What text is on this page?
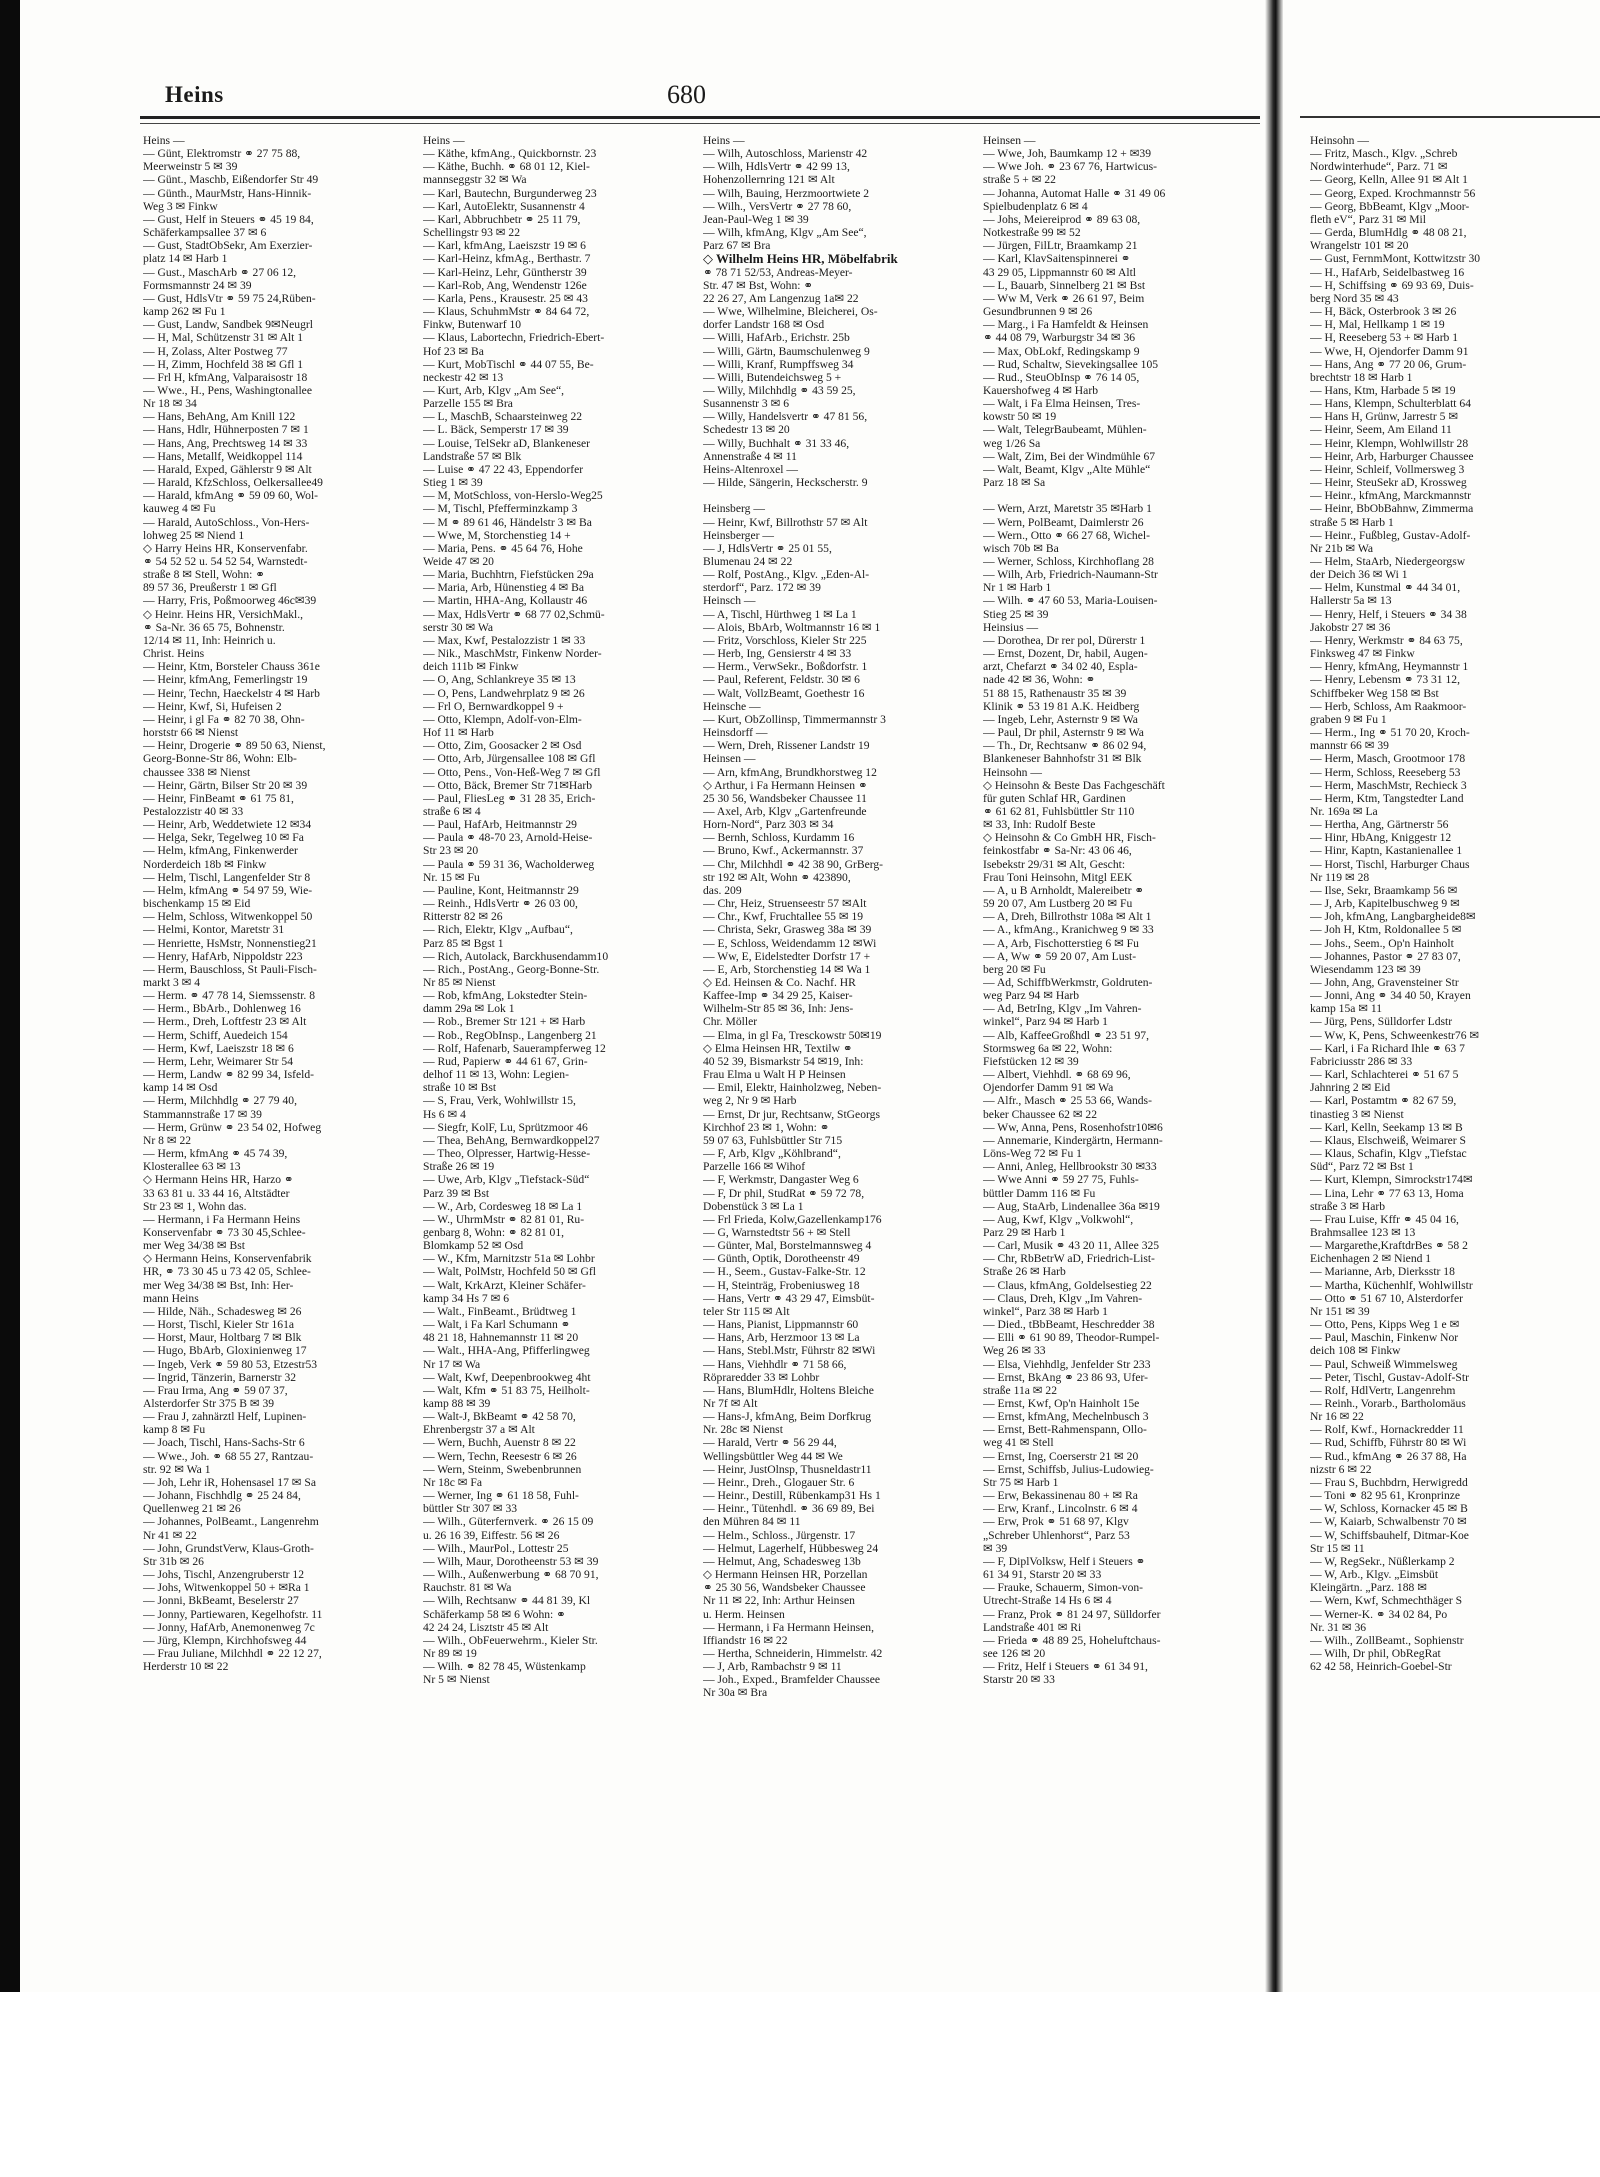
Heins	680
Heins —
— Günt, Elektromstr ⚭ 27 75 88,
Meerweinstr 5 ✉ 39
— Günt., Maschb, Eißendorfer Str 49
— Günth., MaurMstr, Hans-Hinnik-
Weg 3 ✉ Finkw
— Gust, Helf in Steuers ⚭ 45 19 84,
Schäferkampsallee 37 ✉ 6
— Gust, StadtObSekr, Am Exerzier-
platz 14 ✉ Harb 1
— Gust., MaschArb ⚭ 27 06 12,
Formsmannstr 24 ✉ 39
— Gust, HdlsVtr ⚭ 59 75 24,Rüben-
kamp 262 ✉ Fu 1
— Gust, Landw, Sandbek 9✉Neugrl
— H, Mal, Schützenstr 31 ✉ Alt 1
— H, Zolass, Alter Postweg 77
— H, Zimm, Hochfeld 38 ✉ Gfl 1
— Frl H, kfmAng, Valparaisostr 18
— Wwe., H., Pens, Washingtonallee
Nr 18 ✉ 34
— Hans, BehAng, Am Knill 122
— Hans, Hdlr, Hühnerposten 7 ✉ 1
— Hans, Ang, Prechtsweg 14 ✉ 33
— Hans, Metallf, Weidkoppel 114
— Harald, Exped, Gählerstr 9 ✉ Alt
— Harald, KfzSchloss, Oelkersallee49
— Harald, kfmAng ⚭ 59 09 60, Wol-
kauweg 4 ✉ Fu
— Harald, AutoSchloss., Von-Hers-
lohweg 25 ✉ Niend 1
◇ Harry Heins HR, Konservenfabr.
⚭ 54 52 52 u. 54 52 54, Warnstedt-
straße 8 ✉ Stell, Wohn: ⚭
89 57 36, Preußerstr 1 ✉ Gfl
— Harry, Fris, Poßmoorweg 46c✉39
◇ Heinr. Heins HR, VersichMakl.,
⚭ Sa-Nr. 36 65 75, Bohnenstr.
12/14 ✉ 11, Inh: Heinrich u.
Christ. Heins
— Heinr, Ktm, Borsteler Chauss 361e
— Heinr, kfmAng, Femerlingstr 19
— Heinr, Techn, Haeckelstr 4 ✉ Harb
— Heinr, Kwf, Si, Hufeisen 2
— Heinr, i gl Fa ⚭ 82 70 38, Ohn-
horststr 66 ✉ Nienst
— Heinr, Drogerie ⚭ 89 50 63, Nienst,
Georg-Bonne-Str 86, Wohn: Elb-
chaussee 338 ✉ Nienst
— Heinr, Gärtn, Bilser Str 20 ✉ 39
— Heinr, FinBeamt ⚭ 61 75 81,
Pestalozzistr 40 ✉ 33
— Heinr, Arb, Weddetwiete 12 ✉34
— Helga, Sekr, Tegelweg 10 ✉ Fa
— Helm, kfmAng, Finkenwerder
Norderdeich 18b ✉ Finkw
— Helm, Tischl, Langenfelder Str 8
— Helm, kfmAng ⚭ 54 97 59, Wie-
bischenkamp 15 ✉ Eid
— Helm, Schloss, Witwenkoppel 50
— Helmi, Kontor, Maretstr 31
— Henriette, HsMstr, Nonnenstieg21
— Henry, HafArb, Nippoldstr 223
— Herm, Bauschloss, St Pauli-Fisch-
markt 3 ✉ 4
— Herm. ⚭ 47 78 14, Siemssenstr. 8
— Herm., BbArb., Dohlenweg 16
— Herm., Dreh, Loftfestr 23 ✉ Alt
— Herm, Schiff, Auedeich 154
— Herm, Kwf, Laeiszstr 18 ✉ 6
— Herm, Lehr, Weimarer Str 54
— Herm, Landw ⚭ 82 99 34, Isfeld-
kamp 14 ✉ Osd
— Herm, Milchhdlg ⚭ 27 79 40,
Stammannstraße 17 ✉ 39
— Herm, Grünw ⚭ 23 54 02, Hofweg
Nr 8 ✉ 22
— Herm, kfmAng ⚭ 45 74 39,
Klosterallee 63 ✉ 13
◇ Hermann Heins HR, Harzo ⚭
33 63 81 u. 33 44 16, Altstädter
Str 23 ✉ 1, Wohn das.
— Hermann, i Fa Hermann Heins
Konservenfabr ⚭ 73 30 45,Schlee-
mer Weg 34/38 ✉ Bst
◇ Hermann Heins, Konservenfabrik
HR, ⚭ 73 30 45 u 73 42 05, Schlee-
mer Weg 34/38 ✉ Bst, Inh: Her-
mann Heins
— Hilde, Näh., Schadesweg ✉ 26
— Horst, Tischl, Kieler Str 161a
— Horst, Maur, Holtbarg 7 ✉ Blk
— Hugo, BbArb, Gloxinienweg 17
— Ingeb, Verk ⚭ 59 80 53, Etzestr53
— Ingrid, Tänzerin, Barnerstr 32
— Frau Irma, Ang ⚭ 59 07 37,
Alsterdorfer Str 375 B ✉ 39
— Frau J, zahnärztl Helf, Lupinen-
kamp 8 ✉ Fu
— Joach, Tischl, Hans-Sachs-Str 6
— Wwe., Joh. ⚭ 68 55 27, Rantzau-
str. 92 ✉ Wa 1
— Joh, Lehr iR, Hohensasel 17 ✉ Sa
— Johann, Fischhdlg ⚭ 25 24 84,
Quellenweg 21 ✉ 26
— Johannes, PolBeamt., Langenrehm
Nr 41 ✉ 22
— John, GrundstVerw, Klaus-Groth-
Str 31b ✉ 26
— Johs, Tischl, Anzengruberstr 12
— Johs, Witwenkoppel 50 + ✉Ra 1
— Jonni, BkBeamt, Beselerstr 27
— Jonny, Partiewaren, Kegelhofstr. 11
— Jonny, HafArb, Anemonenweg 7c
— Jürg, Klempn, Kirchhofsweg 44
— Frau Juliane, Milchhdl ⚭ 22 12 27,
Herderstr 10 ✉ 22
Heins —
— Käthe, kfmAng., Quickbornstr. 23
— Käthe, Buchh. ⚭ 68 01 12, Kiel-
mannseggstr 32 ✉ Wa
— Karl, Bautechn, Burgunderweg 23
— Karl, AutoElektr, Susannenstr 4
— Karl, Abbruchbetr ⚭ 25 11 79,
Schellingstr 93 ✉ 22
— Karl, kfmAng, Laeiszstr 19 ✉ 6
— Karl-Heinz, kfmAg., Berthastr. 7
— Karl-Heinz, Lehr, Güntherstr 39
— Karl-Rob, Ang, Wendenstr 126e
— Karla, Pens., Krausestr. 25 ✉ 43
— Klaus, SchuhmMstr ⚭ 84 64 72,
Finkw, Butenwarf 10
— Klaus, Labortechn, Friedrich-Ebert-
Hof 23 ✉ Ba
— Kurt, MobTischl ⚭ 44 07 55, Be-
neckestr 42 ✉ 13
— Kurt, Arb, Klgv „Am See“,
Parzelle 155 ✉ Bra
— L, MaschB, Schaarsteinweg 22
— L. Bäck, Semperstr 17 ✉ 39
— Louise, TelSekr aD, Blankeneser
Landstraße 57 ✉ Blk
— Luise ⚭ 47 22 43, Eppendorfer
Stieg 1 ✉ 39
— M, MotSchloss, von-Herslo-Weg25
— M, Tischl, Pfefferminzkamp 3
— M ⚭ 89 61 46, Händelstr 3 ✉ Ba
— Wwe, M, Storchenstieg 14 +
— Maria, Pens. ⚭ 45 64 76, Hohe
Weide 47 ✉ 20
— Maria, Buchhtrn, Fiefstücken 29a
— Maria, Arb, Hünenstieg 4 ✉ Ba
— Martin, HHA-Ang, Kollaustr 46
— Max, HdlsVertr ⚭ 68 77 02,Schmü-
serstr 30 ✉ Wa
— Max, Kwf, Pestalozzistr 1 ✉ 33
— Nik., MaschMstr, Finkenw Norder-
deich 111b ✉ Finkw
— O, Ang, Schlankreye 35 ✉ 13
— O, Pens, Landwehrplatz 9 ✉ 26
— Frl O, Bernwardkoppel 9 +
— Otto, Klempn, Adolf-von-Elm-
Hof 11 ✉ Harb
— Otto, Zim, Goosacker 2 ✉ Osd
— Otto, Arb, Jürgensallee 108 ✉ Gfl
— Otto, Pens., Von-Heß-Weg 7 ✉ Gfl
— Otto, Bäck, Bremer Str 71✉Harb
— Paul, FliesLeg ⚭ 31 28 35, Erich-
straße 6 ✉ 4
— Paul, HafArb, Heitmannstr 29
— Paula ⚭ 48-70 23, Arnold-Heise-
Str 23 ✉ 20
— Paula ⚭ 59 31 36, Wacholderweg
Nr. 15 ✉ Fu
— Pauline, Kont, Heitmannstr 29
— Reinh., HdlsVertr ⚭ 26 03 00,
Ritterstr 82 ✉ 26
— Rich, Elektr, Klgv „Aufbau“,
Parz 85 ✉ Bgst 1
— Rich, Autolack, Barckhusendamm10
— Rich., PostAng., Georg-Bonne-Str.
Nr 85 ✉ Nienst
— Rob, kfmAng, Lokstedter Stein-
damm 29a ✉ Lok 1
— Rob., Bremer Str 121 + ✉ Harb
— Rob., RegObInsp., Langenberg 21
— Rolf, Hafenarb, Sauerampferweg 12
— Rud, Papierw ⚭ 44 61 67, Grin-
delhof 11 ✉ 13, Wohn: Legien-
straße 10 ✉ Bst
— S, Frau, Verk, Wohlwillstr 15,
Hs 6 ✉ 4
— Siegfr, KolF, Lu, Sprützmoor 46
— Thea, BehAng, Bernwardkoppel27
— Theo, Olpresser, Hartwig-Hesse-
Straße 26 ✉ 19
— Uwe, Arb, Klgv „Tiefstack-Süd“
Parz 39 ✉ Bst
— W., Arb, Cordesweg 18 ✉ La 1
— W., UhrmMstr ⚭ 82 81 01, Ru-
genbarg 8, Wohn: ⚭ 82 81 01,
Blomkamp 52 ✉ Osd
— W., Kfm, Marnitzstr 51a ✉ Lohbr
— Walt, PolMstr, Hochfeld 50 ✉ Gfl
— Walt, KrkArzt, Kleiner Schäfer-
kamp 34 Hs 7 ✉ 6
— Walt., FinBeamt., Brüdtweg 1
— Walt, i Fa Karl Schumann ⚭
48 21 18, Hahnemannstr 11 ✉ 20
— Walt., HHA-Ang, Pfifferlingweg
Nr 17 ✉ Wa
— Walt, Kwf, Deepenbrookweg 4ht
— Walt, Kfm ⚭ 51 83 75, Heilholt-
kamp 88 ✉ 39
— Walt-J, BkBeamt ⚭ 42 58 70,
Ehrenbergstr 37 a ✉ Alt
— Wern, Buchh, Auenstr 8 ✉ 22
— Wern, Techn, Reesestr 6 ✉ 26
— Wern, Steinm, Swebenbrunnen
Nr 18c ✉ Fa
— Werner, Ing ⚭ 61 18 58, Fuhl-
büttler Str 307 ✉ 33
— Wilh., Güterfernverk. ⚭ 26 15 09
u. 26 16 39, Eiffestr. 56 ✉ 26
— Wilh., MaurPol., Lottestr 25
— Wilh, Maur, Dorotheenstr 53 ✉ 39
— Wilh., Außenwerbung ⚭ 68 70 91,
Rauchstr. 81 ✉ Wa
— Wilh, Rechtsanw ⚭ 44 81 39, Kl
Schäferkamp 58 ✉ 6 Wohn: ⚭
42 24 24, Lisztstr 45 ✉ Alt
— Wilh., ObFeuerwehrm., Kieler Str.
Nr 89 ✉ 19
— Wilh. ⚭ 82 78 45, Wüstenkamp
Nr 5 ✉ Nienst
Heins —
— Wilh, Autoschloss, Marienstr 42
— Wilh, HdlsVertr ⚭ 42 99 13,
Hohenzollernring 121 ✉ Alt
— Wilh, Bauing, Herzmoortwiete 2
— Wilh., VersVertr ⚭ 27 78 60,
Jean-Paul-Weg 1 ✉ 39
— Wilh, kfmAng, Klgv „Am See“,
Parz 67 ✉ Bra
◇ Wilhelm Heins HR, Möbelfabrik
⚭ 78 71 52/53, Andreas-Meyer-
Str. 47 ✉ Bst, Wohn: ⚭
22 26 27, Am Langenzug 1a✉ 22
— Wwe, Wilhelmine, Bleicherei, Os-
dorfer Landstr 168 ✉ Osd
— Willi, HafArb., Erichstr. 25b
— Willi, Gärtn, Baumschulenweg 9
— Willi, Kranf, Rumpffsweg 34
— Willi, Butendeichsweg 5 +
— Willy, Milchhdlg ⚭ 43 59 25,
Susannenstr 3 ✉ 6
— Willy, Handelsvertr ⚭ 47 81 56,
Schedestr 13 ✉ 20
— Willy, Buchhalt ⚭ 31 33 46,
Annenstraße 4 ✉ 11
Heins-Altenroxel —
— Hilde, Sängerin, Heckscherstr. 9

Heinsberg —
— Heinr, Kwf, Billrothstr 57 ✉ Alt
Heinsberger —
— J, HdlsVertr ⚭ 25 01 55,
Blumenau 24 ✉ 22
— Rolf, PostAng., Klgv. „Eden-Al-
sterdorf“, Parz. 172 ✉ 39
Heinsch —
— A, Tischl, Hürthweg 1 ✉ La 1
— Alois, BbArb, Woltmannstr 16 ✉ 1
— Fritz, Vorschloss, Kieler Str 225
— Herb, Ing, Gensierstr 4 ✉ 33
— Herm., VerwSekr., Boßdorfstr. 1
— Paul, Referent, Feldstr. 30 ✉ 6
— Walt, VollzBeamt, Goethestr 16
Heinsche —
— Kurt, ObZollinsp, Timmermannstr 3
Heinsdorff —
— Wern, Dreh, Rissener Landstr 19
Heinsen —
— Arn, kfmAng, Brundkhorstweg 12
◇ Arthur, i Fa Hermann Heinsen ⚭
25 30 56, Wandsbeker Chaussee 11
— Axel, Arb, Klgv „Gartenfreunde
Horn-Nord“, Parz 303 ✉ 34
— Bernh, Schloss, Kurdamm 16
— Bruno, Kwf., Ackermannstr. 37
— Chr, Milchhdl ⚭ 42 38 90, GrBerg-
str 192 ✉ Alt, Wohn ⚭ 423890,
das. 209
— Chr, Heiz, Struenseestr 57 ✉Alt
— Chr., Kwf, Fruchtallee 55 ✉ 19
— Christa, Sekr, Grasweg 38a ✉ 39
— E, Schloss, Weidendamm 12 ✉Wi
— Ww, E, Eidelstedter Dorfstr 17 +
— E, Arb, Storchenstieg 14 ✉ Wa 1
◇ Ed. Heinsen & Co. Nachf. HR
Kaffee-Imp ⚭ 34 29 25, Kaiser-
Wilhelm-Str 85 ✉ 36, Inh: Jens-
Chr. Möller
— Elma, in gl Fa, Tresckowstr 50✉19
◇ Elma Heinsen HR, Textilw ⚭
40 52 39, Bismarkstr 54 ✉19, Inh:
Frau Elma u Walt H P Heinsen
— Emil, Elektr, Hainholzweg, Neben-
weg 2, Nr 9 ✉ Harb
— Ernst, Dr jur, Rechtsanw, StGeorgs
Kirchhof 23 ✉ 1, Wohn: ⚭
59 07 63, Fuhlsbüttler Str 715
— F, Arb, Klgv „Köhlbrand“,
Parzelle 166 ✉ Wihof
— F, Werkmstr, Dangaster Weg 6
— F, Dr phil, StudRat ⚭ 59 72 78,
Dobenstück 3 ✉ La 1
— Frl Frieda, Kolw,Gazellenkamp176
— G, Warnstedtstr 56 + ✉ Stell
— Günter, Mal, Borstelmannsweg 4
— Günth, Optik, Dorotheenstr 49
— H., Seem., Gustav-Falke-Str. 12
— H, Steinträg, Frobeniusweg 18
— Hans, Vertr ⚭ 43 29 47, Eimsbüt-
teler Str 115 ✉ Alt
— Hans, Pianist, Lippmannstr 60
— Hans, Arb, Herzmoor 13 ✉ La
— Hans, Stebl.Mstr, Führstr 82 ✉Wi
— Hans, Viehhdlr ⚭ 71 58 66,
Röpraredder 33 ✉ Lohbr
— Hans, BlumHdlr, Holtens Bleiche
Nr 7f ✉ Alt
— Hans-J, kfmAng, Beim Dorfkrug
Nr. 28c ✉ Nienst
— Harald, Vertr ⚭ 56 29 44,
Wellingsbüttler Weg 44 ✉ We
— Heinr, JustOlnsp, Thusneldastr11
— Heinr., Dreh., Glogauer Str. 6
— Heinr., Destill, Rübenkamp31 Hs 1
— Heinr., Tütenhdl. ⚭ 36 69 89, Bei
den Mühren 84 ✉ 11
— Helm., Schloss., Jürgenstr. 17
— Helmut, Lagerhelf, Hübbesweg 24
— Helmut, Ang, Schadesweg 13b
◇ Hermann Heinsen HR, Porzellan
⚭ 25 30 56, Wandsbeker Chaussee
Nr 11 ✉ 22, Inh: Arthur Heinsen
u. Herm. Heinsen
— Hermann, i Fa Hermann Heinsen,
Iffiandstr 16 ✉ 22
— Hertha, Schneiderin, Himmelstr. 42
— J, Arb, Rambachstr 9 ✉ 11
— Joh., Exped., Bramfelder Chaussee
Nr 30a ✉ Bra
Heinsen —
— Wwe, Joh, Baumkamp 12 + ✉39
— Wwe Joh. ⚭ 23 67 76, Hartwicus-
straße 5 + ✉ 22
— Johanna, Automat Halle ⚭ 31 49 06
Spielbudenplatz 6 ✉ 4
— Johs, Meiereiprod ⚭ 89 63 08,
Notkestraße 99 ✉ 52
— Jürgen, FilLtr, Braamkamp 21
— Karl, KlavSaitenspinnerei ⚭
43 29 05, Lippmannstr 60 ✉ Altl
— L, Bauarb, Sinnelberg 21 ✉ Bst
— Ww M, Verk ⚭ 26 61 97, Beim
Gesundbrunnen 9 ✉ 26
— Marg., i Fa Hamfeldt & Heinsen
⚭ 44 08 79, Warburgstr 34 ✉ 36
— Max, ObLokf, Redingskamp 9
— Rud, Schaltw, Sievekingsallee 105
— Rud., SteuObInsp ⚭ 76 14 05,
Kauershofweg 4 ✉ Harb
— Walt, i Fa Elma Heinsen, Tres-
kowstr 50 ✉ 19
— Walt, TelegrBaubeamt, Mühlen-
weg 1/26 Sa
— Walt, Zim, Bei der Windmühle 67
— Walt, Beamt, Klgv „Alte Mühle“
Parz 18 ✉ Sa

— Wern, Arzt, Maretstr 35 ✉Harb 1
— Wern, PolBeamt, Daimlerstr 26
— Wern., Otto ⚭ 66 27 68, Wichel-
wisch 70b ✉ Ba
— Werner, Schloss, Kirchhoflang 28
— Wilh, Arb, Friedrich-Naumann-Str
Nr 1 ✉ Harb 1
— Wilh. ⚭ 47 60 53, Maria-Louisen-
Stieg 25 ✉ 39
Heinsius —
— Dorothea, Dr rer pol, Dürerstr 1
— Ernst, Dozent, Dr, habil, Augen-
arzt, Chefarzt ⚭ 34 02 40, Espla-
nade 42 ✉ 36, Wohn: ⚭
51 88 15, Rathenaustr 35 ✉ 39
Klinik ⚭ 53 19 81 A.K. Heidberg
— Ingeb, Lehr, Asternstr 9 ✉ Wa
— Paul, Dr phil, Asternstr 9 ✉ Wa
— Th., Dr, Rechtsanw ⚭ 86 02 94,
Blankeneser Bahnhofstr 31 ✉ Blk
Heinsohn —
◇ Heinsohn & Beste Das Fachgeschäft
für guten Schlaf HR, Gardinen
⚭ 61 62 81, Fuhlsbüttler Str 110
✉ 33, Inh: Rudolf Beste
◇ Heinsohn & Co GmbH HR, Fisch-
feinkostfabr ⚭ Sa-Nr: 43 06 46,
Isebekstr 29/31 ✉ Alt, Gescht:
Frau Toni Heinsohn, Mitgl EEK
— A, u B Arnholdt, Malereibetr ⚭
59 20 07, Am Lustberg 20 ✉ Fu
— A, Dreh, Billrothstr 108a ✉ Alt 1
— A., kfmAng., Kranichweg 9 ✉ 33
— A, Arb, Fischotterstieg 6 ✉ Fu
— A, Ww ⚭ 59 20 07, Am Lust-
berg 20 ✉ Fu
— Ad, SchiffbWerkmstr, Goldruten-
weg Parz 94 ✉ Harb
— Ad, BetrIng, Klgv „Im Vahren-
winkel“, Parz 94 ✉ Harb 1
— Alb, KaffeeGroßhdl ⚭ 23 51 97,
Stormsweg 6a ✉ 22, Wohn:
Fiefstücken 12 ✉ 39
— Albert, Viehhdl. ⚭ 68 69 96,
Ojendorfer Damm 91 ✉ Wa
— Alfr., Masch ⚭ 25 53 66, Wands-
beker Chaussee 62 ✉ 22
— Ww, Anna, Pens, Rosenhofstr10✉6
— Annemarie, Kindergärtn, Hermann-
Löns-Weg 72 ✉ Fu 1
— Anni, Anleg, Hellbrookstr 30 ✉33
— Wwe Anni ⚭ 59 27 75, Fuhls-
büttler Damm 116 ✉ Fu
— Aug, StaArb, Lindenallee 36a ✉19
— Aug, Kwf, Klgv „Volkwohl“,
Parz 29 ✉ Harb 1
— Carl, Musik ⚭ 43 20 11, Allee 325
— Chr, RbBetrW aD, Friedrich-List-
Straße 26 ✉ Harb
— Claus, kfmAng, Goldelsestieg 22
— Claus, Dreh, Klgv „Im Vahren-
winkel“, Parz 38 ✉ Harb 1
— Died., tBbBeamt, Heschredder 38
— Elli ⚭ 61 90 89, Theodor-Rumpel-
Weg 26 ✉ 33
— Elsa, Viehhdlg, Jenfelder Str 233
— Ernst, BkAng ⚭ 23 86 93, Ufer-
straße 11a ✉ 22
— Ernst, Kwf, Op'n Hainholt 15e
— Ernst, kfmAng, Mechelnbusch 3
— Ernst, Bett-Rahmenspann, Ollo-
weg 41 ✉ Stell
— Ernst, Ing, Coerserstr 21 ✉ 20
— Ernst, Schiffsb, Julius-Ludowieg-
Str 75 ✉ Harb 1
— Erw, Bekassinenau 80 + ✉ Ra
— Erw, Kranf., Lincolnstr. 6 ✉ 4
— Erw, Prok ⚭ 51 68 97, Klgv
„Schreber Uhlenhorst“, Parz 53
✉ 39
— F, DiplVolksw, Helf i Steuers ⚭
61 34 91, Starstr 20 ✉ 33
— Frauke, Schauerm, Simon-von-
Utrecht-Straße 14 Hs 6 ✉ 4
— Franz, Prok ⚭ 81 24 97, Sülldorfer
Landstraße 401 ✉ Ri
— Frieda ⚭ 48 89 25, Hoheluftchaus-
see 126 ✉ 20
— Fritz, Helf i Steuers ⚭ 61 34 91,
Starstr 20 ✉ 33
Heinsohn —
— Fritz, Masch., Klgv. „Schreb
Nordwinterhude“, Parz. 71 ✉
— Georg, Kelln, Allee 91 ✉ Alt 1
— Georg, Exped. Krochmannstr 56
— Georg, BbBeamt, Klgv „Moor-
fleth eV“, Parz 31 ✉ Mil
— Gerda, BlumHdlg ⚭ 48 08 21,
Wrangelstr 101 ✉ 20
— Gust, FernmMont, Kottwitzstr 30
— H., HafArb, Seidelbastweg 16
— H, Schiffsing ⚭ 69 93 69, Duis-
berg Nord 35 ✉ 43
— H, Bäck, Osterbrook 3 ✉ 26
— H, Mal, Hellkamp 1 ✉ 19
— H, Reeseberg 53 + ✉ Harb 1
— Wwe, H, Ojendorfer Damm 91
— Hans, Ang ⚭ 77 20 06, Grum-
brechtstr 18 ✉ Harb 1
— Hans, Ktm, Harbade 5 ✉ 19
— Hans, Klempn, Schulterblatt 64
— Hans H, Grünw, Jarrestr 5 ✉
— Heinr, Seem, Am Eiland 11
— Heinr, Klempn, Wohlwillstr 28
— Heinr, Arb, Harburger Chaussee
— Heinr, Schleif, Vollmersweg 3
— Heinr, SteuSekr aD, Krossweg
— Heinr., kfmAng, Marckmannstr
— Heinr, BbObBahnw, Zimmerma
straße 5 ✉ Harb 1
— Heinr., Fußbleg, Gustav-Adolf-
Nr 21b ✉ Wa
— Helm, StaArb, Niedergeorgsw
der Deich 36 ✉ Wi 1
— Helm, Kunstmal ⚭ 44 34 01,
Hallerstr 5a ✉ 13
— Henry, Helf, i Steuers ⚭ 34 38
Jakobstr 27 ✉ 36
— Henry, Werkmstr ⚭ 84 63 75,
Finksweg 47 ✉ Finkw
— Henry, kfmAng, Heymannstr 1
— Henry, Lebensm ⚭ 73 31 12,
Schiffbeker Weg 158 ✉ Bst
— Herb, Schloss, Am Raakmoor-
graben 9 ✉ Fu 1
— Herm., Ing ⚭ 51 70 20, Kroch-
mannstr 66 ✉ 39
— Herm, Masch, Grootmoor 178
— Herm, Schloss, Reeseberg 53
— Herm, MaschMstr, Rechieck 3
— Herm, Ktm, Tangstedter Land
Nr. 169a ✉ La
— Hertha, Ang, Gärtnerstr 56
— Hinr, HbAng, Kniggestr 12
— Hinr, Kaptn, Kastanienallee 1
— Horst, Tischl, Harburger Chaus
Nr 119 ✉ 28
— Ilse, Sekr, Braamkamp 56 ✉
— J, Arb, Kapitelbuschweg 9 ✉
— Joh, kfmAng, Langbargheide8✉
— Joh H, Ktm, Roldonallee 5 ✉
— Johs., Seem., Op'n Hainholt
— Johannes, Pastor ⚭ 27 83 07,
Wiesendamm 123 ✉ 39
— John, Ang, Gravensteiner Str
— Jonni, Ang ⚭ 34 40 50, Krayen
kamp 15a ✉ 11
— Jürg, Pens, Sülldorfer Ldstr
— Ww, K, Pens, Schweenkestr76 ✉
— Karl, i Fa Richard Ihle ⚭ 63 7
Fabriciusstr 286 ✉ 33
— Karl, Schlachterei ⚭ 51 67 5
Jahnring 2 ✉ Eid
— Karl, Postamtm ⚭ 82 67 59,
tinastieg 3 ✉ Nienst
— Karl, Kelln, Seekamp 13 ✉ B
— Klaus, Elschweiß, Weimarer S
— Klaus, Schafin, Klgv „Tiefstac
Süd“, Parz 72 ✉ Bst 1
— Kurt, Klempn, Simrockstr174✉
— Lina, Lehr ⚭ 77 63 13, Homa
straße 3 ✉ Harb
— Frau Luise, Kffr ⚭ 45 04 16,
Brahmsallee 123 ✉ 13
— Margarethe,KraftdrBes ⚭ 58 2
Eichenhagen 2 ✉ Niend 1
— Marianne, Arb, Dierksstr 18
— Martha, Küchenhlf, Wohlwillstr
— Otto ⚭ 51 67 10, Alsterdorfer
Nr 151 ✉ 39
— Otto, Pens, Kipps Weg 1 e ✉
— Paul, Maschin, Finkenw Nor
deich 108 ✉ Finkw
— Paul, Schweiß Wimmelsweg
— Peter, Tischl, Gustav-Adolf-Str
— Rolf, HdlVertr, Langenrehm
— Reinh., Vorarb., Bartholomäus
Nr 16 ✉ 22
— Rolf, Kwf., Hornackredder 11
— Rud, Schiffb, Führstr 80 ✉ Wi
— Rud., kfmAng ⚭ 26 37 88, Ha
nizstr 6 ✉ 22
— Frau S, Buchbdrn, Herwigredd
— Toni ⚭ 82 95 61, Kronprinze
— W, Schloss, Kornacker 45 ✉ B
— W, Kaiarb, Schwalbenstr 70 ✉
— W, Schiffsbauhelf, Ditmar-Koe
Str 15 ✉ 11
— W, RegSekr., Nüßlerkamp 2
— W, Arb., Klgv. „Eimsbüt
Kleingärtn. „Parz. 188 ✉
— Wern, Kwf, Schmechthäger S
— Werner-K. ⚭ 34 02 84, Po
Nr. 31 ✉ 36
— Wilh., ZollBeamt., Sophienstr
— Wilh, Dr phil, ObRegRat
62 42 58, Heinrich-Goebel-Str
